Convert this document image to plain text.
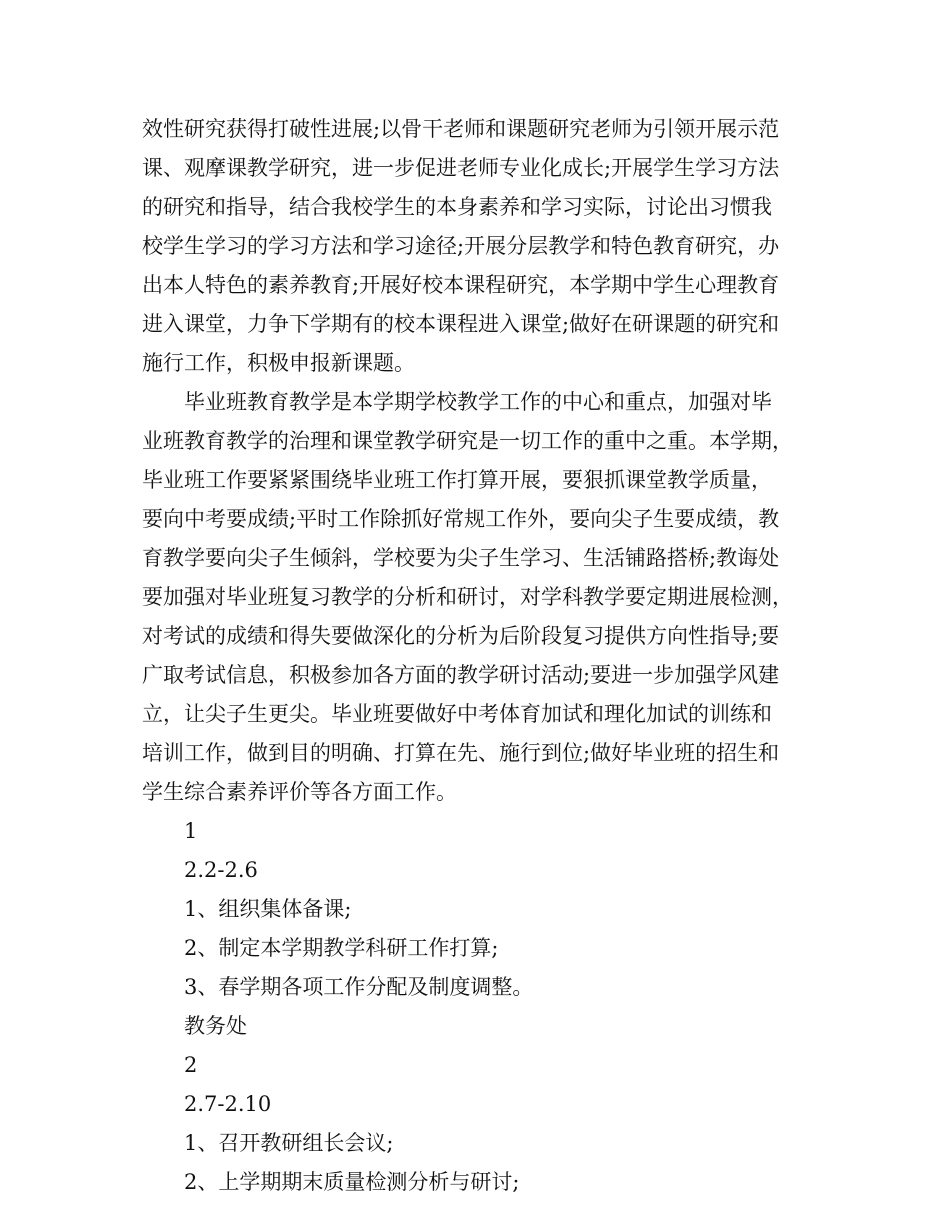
效性研究获得打破性进展;以骨干老师和课题研究老师为引领开展示范
课、观摩课教学研究，进一步促进老师专业化成长;开展学生学习方法
的研究和指导，结合我校学生的本身素养和学习实际，讨论出习惯我
校学生学习的学习方法和学习途径;开展分层教学和特色教育研究，办
出本人特色的素养教育;开展好校本课程研究，本学期中学生心理教育
进入课堂，力争下学期有的校本课程进入课堂;做好在研课题的研究和
施行工作，积极申报新课题。
毕业班教育教学是本学期学校教学工作的中心和重点，加强对毕
业班教育教学的治理和课堂教学研究是一切工作的重中之重。本学期，
毕业班工作要紧紧围绕毕业班工作打算开展，要狠抓课堂教学质量，
要向中考要成绩;平时工作除抓好常规工作外，要向尖子生要成绩，教
育教学要向尖子生倾斜，学校要为尖子生学习、生活铺路搭桥;教诲处
要加强对毕业班复习教学的分析和研讨，对学科教学要定期进展检测，
对考试的成绩和得失要做深化的分析为后阶段复习提供方向性指导;要
广取考试信息，积极参加各方面的教学研讨活动;要进一步加强学风建
立，让尖子生更尖。毕业班要做好中考体育加试和理化加试的训练和
培训工作，做到目的明确、打算在先、施行到位;做好毕业班的招生和
学生综合素养评价等各方面工作。
1
2.2-2.6
1、组织集体备课;
2、制定本学期教学科研工作打算;
3、春学期各项工作分配及制度调整。
教务处
2
2.7-2.10
1、召开教研组长会议;
2、上学期期末质量检测分析与研讨;
